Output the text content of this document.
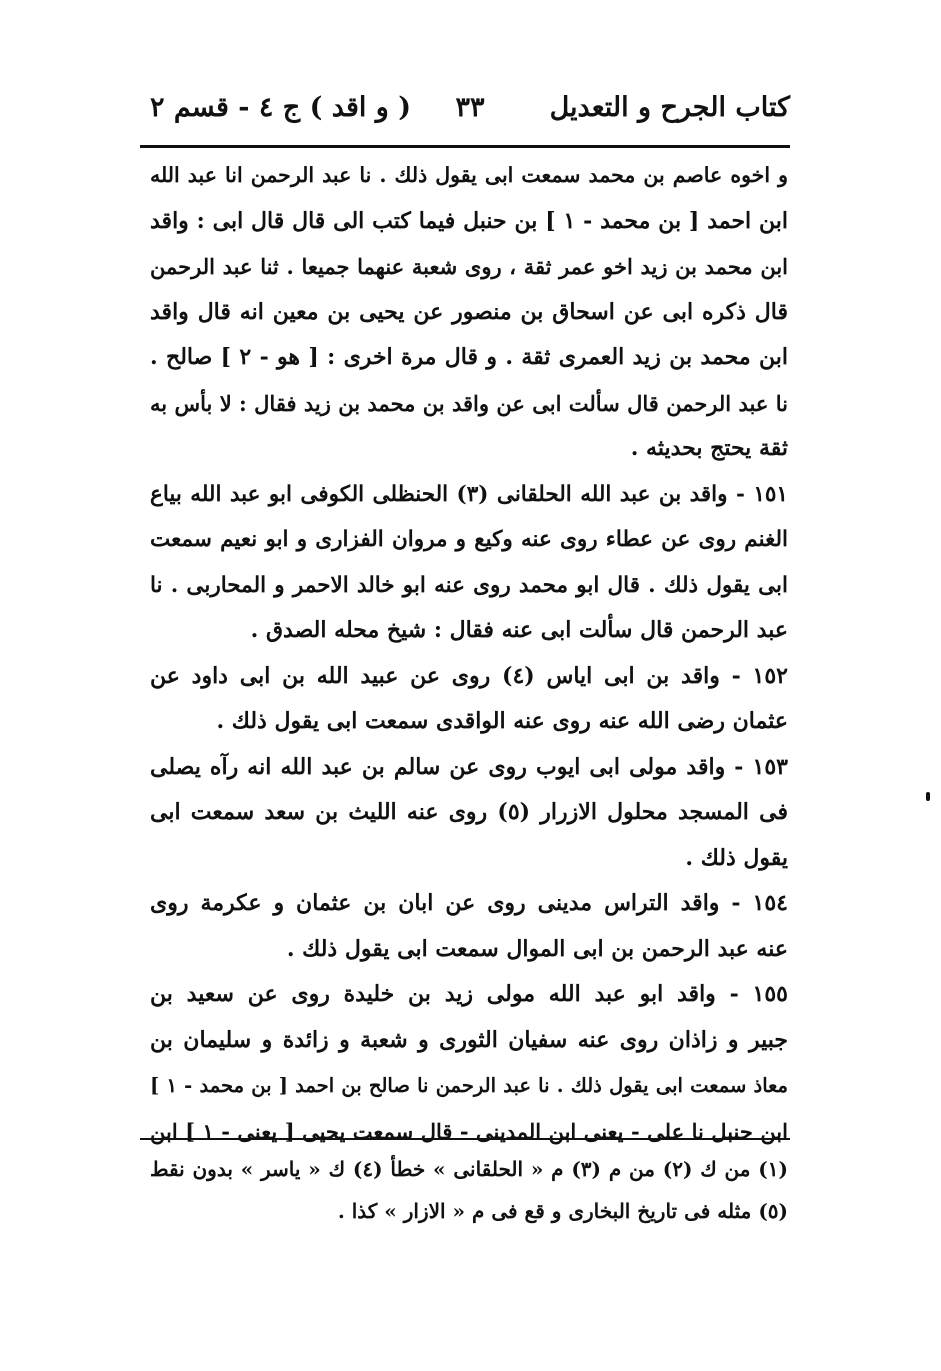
كتاب الجرح و التعديل
٣٣
( و اقد ) ج ٤ - قسم ٢
و اخوه عاصم بن محمد سمعت ابى يقول ذلك . نا عبد الرحمن انا عبد الله
ابن احمد [ بن محمد - ١ ] بن حنبل فيما كتب الى قال قال ابى : واقد
ابن محمد بن زيد اخو عمر ثقة ، روى شعبة عنهما جميعا . ثنا عبد الرحمن
قال ذكره ابى عن اسحاق بن منصور عن يحيى بن معين انه قال واقد
ابن محمد بن زيد العمرى ثقة . و قال مرة اخرى : [ هو - ٢ ] صالح .
نا عبد الرحمن قال سألت ابى عن واقد بن محمد بن زيد فقال : لا بأس به
ثقة يحتج بحديثه .
١٥١ - واقد بن عبد الله الحلقانى (٣) الحنظلى الكوفى ابو عبد الله بياع
الغنم روى عن عطاء روى عنه وكيع و مروان الفزارى و ابو نعيم سمعت
ابى يقول ذلك . قال ابو محمد روى عنه ابو خالد الاحمر و المحاربى . نا
عبد الرحمن قال سألت ابى عنه فقال : شيخ محله الصدق .
١٥٢ - واقد بن ابى اياس (٤) روى عن عبيد الله بن ابى داود عن
عثمان رضى الله عنه روى عنه الواقدى سمعت ابى يقول ذلك .
١٥٣ - واقد مولى ابى ايوب روى عن سالم بن عبد الله انه رآه يصلى
فى المسجد محلول الازرار (٥) روى عنه الليث بن سعد سمعت ابى
يقول ذلك .
١٥٤ - واقد التراس مدينى روى عن ابان بن عثمان و عكرمة روى
عنه عبد الرحمن بن ابى الموال سمعت ابى يقول ذلك .
١٥٥ - واقد ابو عبد الله مولى زيد بن خليدة روى عن سعيد بن
جبير و زاذان روى عنه سفيان الثورى و شعبة و زائدة و سليمان بن
معاذ سمعت ابى يقول ذلك . نا عبد الرحمن نا صالح بن احمد [ بن محمد - ١ ]
ابن حنبل نا على - يعنى ابن المدينى - قال سمعت يحيى [ يعنى - ١ ] ابن
(١) من ك (٢) من م (٣) م « الحلقانى » خطأ (٤) ك « ياسر » بدون نقط
(٥) مثله فى تاريخ البخارى و قع فى م « الازار » كذا .
